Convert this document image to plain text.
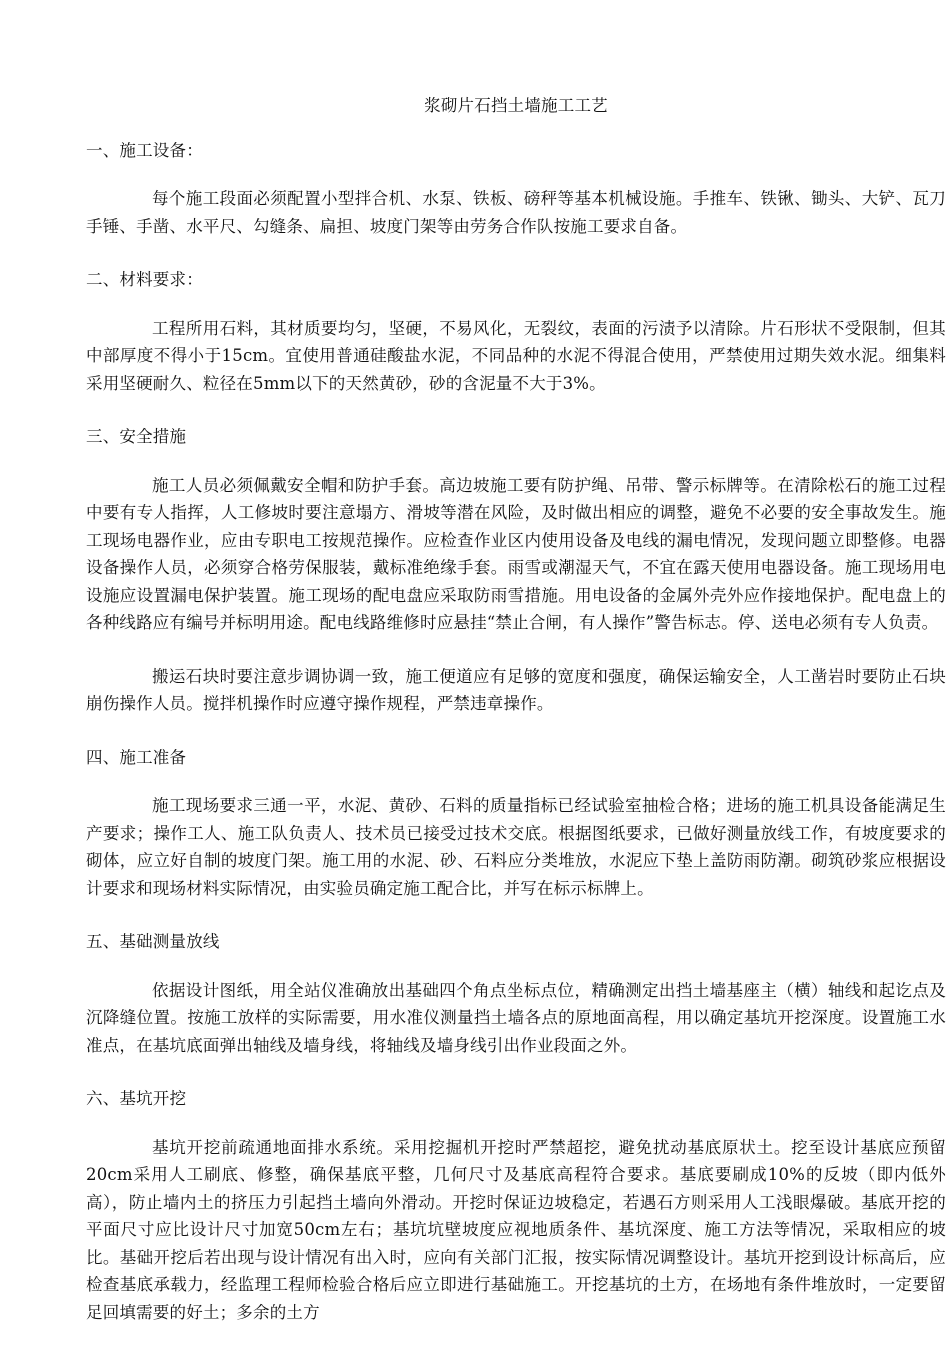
浆砌片石挡土墙施工工艺
一、施工设备：

每个施工段面必须配置小型拌合机、水泵、铁板、磅秤等基本机械设施。手推车、铁锹、锄头、大铲、瓦刀手锤、手凿、水平尺、勾缝条、扁担、坡度门架等由劳务合作队按施工要求自备。

二、材料要求：

工程所用石料，其材质要均匀，坚硬，不易风化，无裂纹，表面的污渍予以清除。片石形状不受限制，但其中部厚度不得小于15cm。宜使用普通硅酸盐水泥，不同品种的水泥不得混合使用，严禁使用过期失效水泥。细集料采用坚硬耐久、粒径在5mm以下的天然黄砂，砂的含泥量不大于3%。

三、安全措施

施工人员必须佩戴安全帽和防护手套。高边坡施工要有防护绳、吊带、警示标牌等。在清除松石的施工过程中要有专人指挥，人工修坡时要注意塌方、滑坡等潜在风险，及时做出相应的调整，避免不必要的安全事故发生。施工现场电器作业，应由专职电工按规范操作。应检查作业区内使用设备及电线的漏电情况，发现问题立即整修。电器设备操作人员，必须穿合格劳保服装，戴标准绝缘手套。雨雪或潮湿天气，不宜在露天使用电器设备。施工现场用电设施应设置漏电保护装置。施工现场的配电盘应采取防雨雪措施。用电设备的金属外壳外应作接地保护。配电盘上的各种线路应有编号并标明用途。配电线路维修时应悬挂“禁止合闸，有人操作”警告标志。停、送电必须有专人负责。

搬运石块时要注意步调协调一致，施工便道应有足够的宽度和强度，确保运输安全，人工凿岩时要防止石块崩伤操作人员。搅拌机操作时应遵守操作规程，严禁违章操作。

四、施工准备

施工现场要求三通一平，水泥、黄砂、石料的质量指标已经试验室抽检合格；进场的施工机具设备能满足生产要求；操作工人、施工队负责人、技术员已接受过技术交底。根据图纸要求，已做好测量放线工作，有坡度要求的砌体，应立好自制的坡度门架。施工用的水泥、砂、石料应分类堆放，水泥应下垫上盖防雨防潮。砌筑砂浆应根据设计要求和现场材料实际情况，由实验员确定施工配合比，并写在标示标牌上。

五、基础测量放线

依据设计图纸，用全站仪准确放出基础四个角点坐标点位，精确测定出挡土墙基座主（横）轴线和起讫点及沉降缝位置。按施工放样的实际需要，用水准仪测量挡土墙各点的原地面高程，用以确定基坑开挖深度。设置施工水准点，在基坑底面弹出轴线及墙身线，将轴线及墙身线引出作业段面之外。

六、基坑开挖

基坑开挖前疏通地面排水系统。采用挖掘机开挖时严禁超挖，避免扰动基底原状土。挖至设计基底应预留20cm采用人工刷底、修整，确保基底平整，几何尺寸及基底高程符合要求。基底要刷成10%的反坡（即内低外高），防止墙内土的挤压力引起挡土墙向外滑动。开挖时保证边坡稳定，若遇石方则采用人工浅眼爆破。基底开挖的平面尺寸应比设计尺寸加宽50cm左右；基坑坑壁坡度应视地质条件、基坑深度、施工方法等情况，采取相应的坡比。基础开挖后若出现与设计情况有出入时，应向有关部门汇报，按实际情况调整设计。基坑开挖到设计标高后，应检查基底承载力，经监理工程师检验合格后应立即进行基础施工。开挖基坑的土方，在场地有条件堆放时，一定要留足回填需要的好土；多余的土方
